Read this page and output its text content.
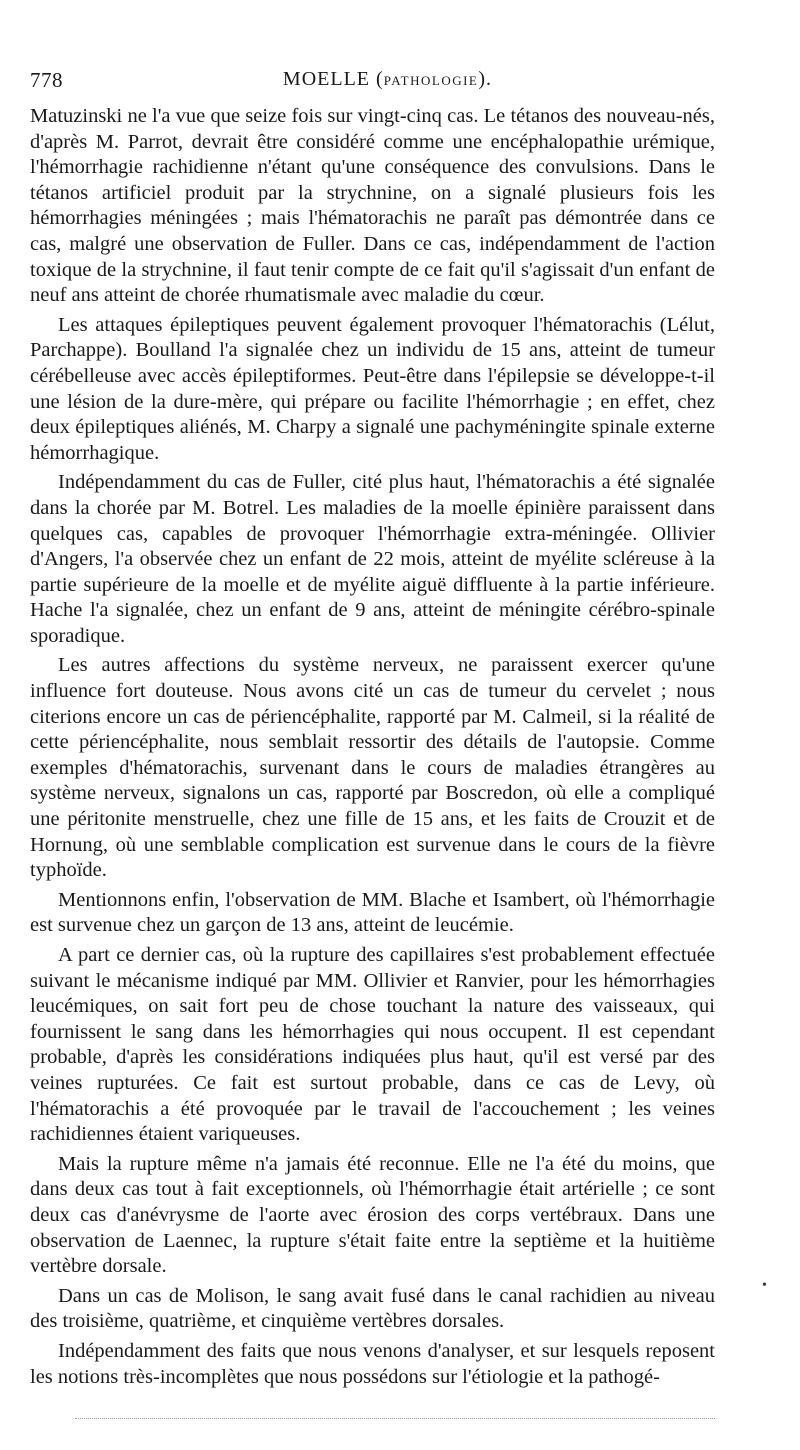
778	MOELLE (PATHOLOGIE).

Matuzinski ne l'a vue que seize fois sur vingt-cinq cas. Le tétanos des nouveau-nés, d'après M. Parrot, devrait être considéré comme une encéphalopathie urémique, l'hémorrhagie rachidienne n'étant qu'une conséquence des convulsions. Dans le tétanos artificiel produit par la strychnine, on a signalé plusieurs fois les hémorrhagies méningées ; mais l'hématorachis ne paraît pas démontrée dans ce cas, malgré une observation de Fuller. Dans ce cas, indépendamment de l'action toxique de la strychnine, il faut tenir compte de ce fait qu'il s'agissait d'un enfant de neuf ans atteint de chorée rhumatismale avec maladie du cœur.

Les attaques épileptiques peuvent également provoquer l'hématorachis (Lélut, Parchappe). Boulland l'a signalée chez un individu de 15 ans, atteint de tumeur cérébelleuse avec accès épileptiformes. Peut-être dans l'épilepsie se développe-t-il une lésion de la dure-mère, qui prépare ou facilite l'hémorrhagie ; en effet, chez deux épileptiques aliénés, M. Charpy a signalé une pachyméningite spinale externe hémorrhagique.

Indépendamment du cas de Fuller, cité plus haut, l'hématorachis a été signalée dans la chorée par M. Botrel. Les maladies de la moelle épinière paraissent dans quelques cas, capables de provoquer l'hémorrhagie extra-méningée. Ollivier d'Angers, l'a observée chez un enfant de 22 mois, atteint de myélite scléreuse à la partie supérieure de la moelle et de myélite aiguë diffluente à la partie inférieure. Hache l'a signalée, chez un enfant de 9 ans, atteint de méningite cérébro-spinale sporadique.

Les autres affections du système nerveux, ne paraissent exercer qu'une influence fort douteuse. Nous avons cité un cas de tumeur du cervelet ; nous citerions encore un cas de périencéphalite, rapporté par M. Calmeil, si la réalité de cette périencéphalite, nous semblait ressortir des détails de l'autopsie. Comme exemples d'hématorachis, survenant dans le cours de maladies étrangères au système nerveux, signalons un cas, rapporté par Boscredon, où elle a compliqué une péritonite menstruelle, chez une fille de 15 ans, et les faits de Crouzit et de Hornung, où une semblable complication est survenue dans le cours de la fièvre typhoïde.

Mentionnons enfin, l'observation de MM. Blache et Isambert, où l'hémorrhagie est survenue chez un garçon de 13 ans, atteint de leucémie.

A part ce dernier cas, où la rupture des capillaires s'est probablement effectuée suivant le mécanisme indiqué par MM. Ollivier et Ranvier, pour les hémorrhagies leucémiques, on sait fort peu de chose touchant la nature des vaisseaux, qui fournissent le sang dans les hémorrhagies qui nous occupent. Il est cependant probable, d'après les considérations indiquées plus haut, qu'il est versé par des veines rupturées. Ce fait est surtout probable, dans ce cas de Levy, où l'hématorachis a été provoquée par le travail de l'accouchement ; les veines rachidiennes étaient variqueuses.

Mais la rupture même n'a jamais été reconnue. Elle ne l'a été du moins, que dans deux cas tout à fait exceptionnels, où l'hémorrhagie était artérielle ; ce sont deux cas d'anévrysme de l'aorte avec érosion des corps vertébraux. Dans une observation de Laennec, la rupture s'était faite entre la septième et la huitième vertèbre dorsale.

Dans un cas de Molison, le sang avait fusé dans le canal rachidien au niveau des troisième, quatrième, et cinquième vertèbres dorsales.

Indépendamment des faits que nous venons d'analyser, et sur lesquels reposent les notions très-incomplètes que nous possédons sur l'étiologie et la pathogé-

•
